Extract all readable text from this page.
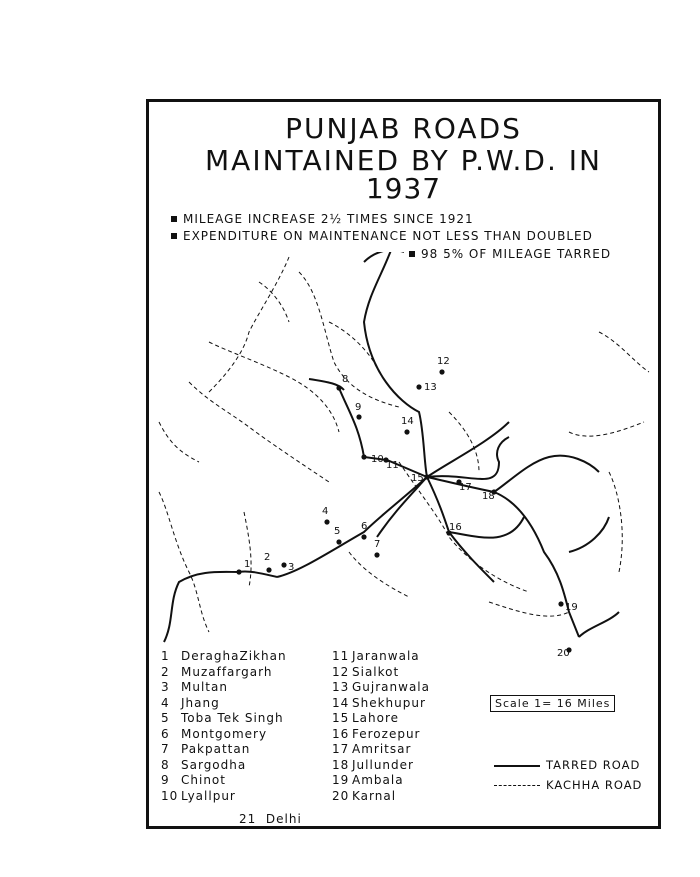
PUNJAB ROADS
MAINTAINED BY P.W.D. IN
1937
MILEAGE INCREASE 2½ TIMES SINCE 1921
EXPENDITURE ON MAINTENANCE NOT LESS THAN DOUBLED
98 5% OF MILEAGE TARRED
1
2
3
4
5 6
7
8
9
10
11
12
13
14
15
16
17
18
19
20
1 DeraghaZikhan
2 Muzaffargarh
3 Multan
4 Jhang
5 Toba Tek Singh
6 Montgomery
7 Pakpattan
8 Sargodha
9 Chinot
10 Lyallpur
11 Jaranwala
12 Sialkot
13 Gujranwala
14 Shekhupur
15 Lahore
16 Ferozepur
17 Amritsar
18 Jullunder
19 Ambala
20 Karnal
21 Delhi
Scale 1= 16 Miles
TARRED ROAD
KACHHA ROAD
